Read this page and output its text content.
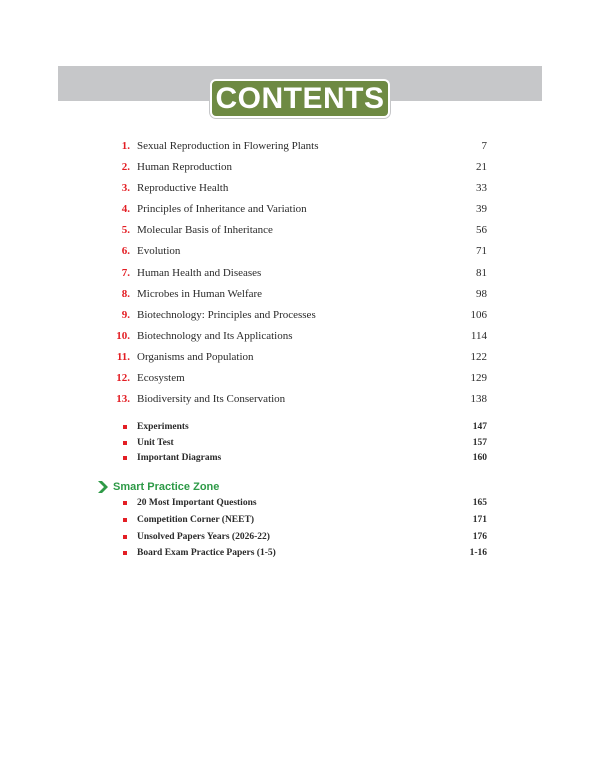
CONTENTS
1. Sexual Reproduction in Flowering Plants	7
2. Human Reproduction	21
3. Reproductive Health	33
4. Principles of Inheritance and Variation	39
5. Molecular Basis of Inheritance	56
6. Evolution	71
7. Human Health and Diseases	81
8. Microbes in Human Welfare	98
9. Biotechnology: Principles and Processes	106
10. Biotechnology and Its Applications	114
11. Organisms and Population	122
12. Ecosystem	129
13. Biodiversity and Its Conservation	138
Experiments	147
Unit Test	157
Important Diagrams	160
Smart Practice Zone
20 Most Important Questions	165
Competition Corner (NEET)	171
Unsolved Papers Years (2026-22)	176
Board Exam Practice Papers (1-5)	1-16
